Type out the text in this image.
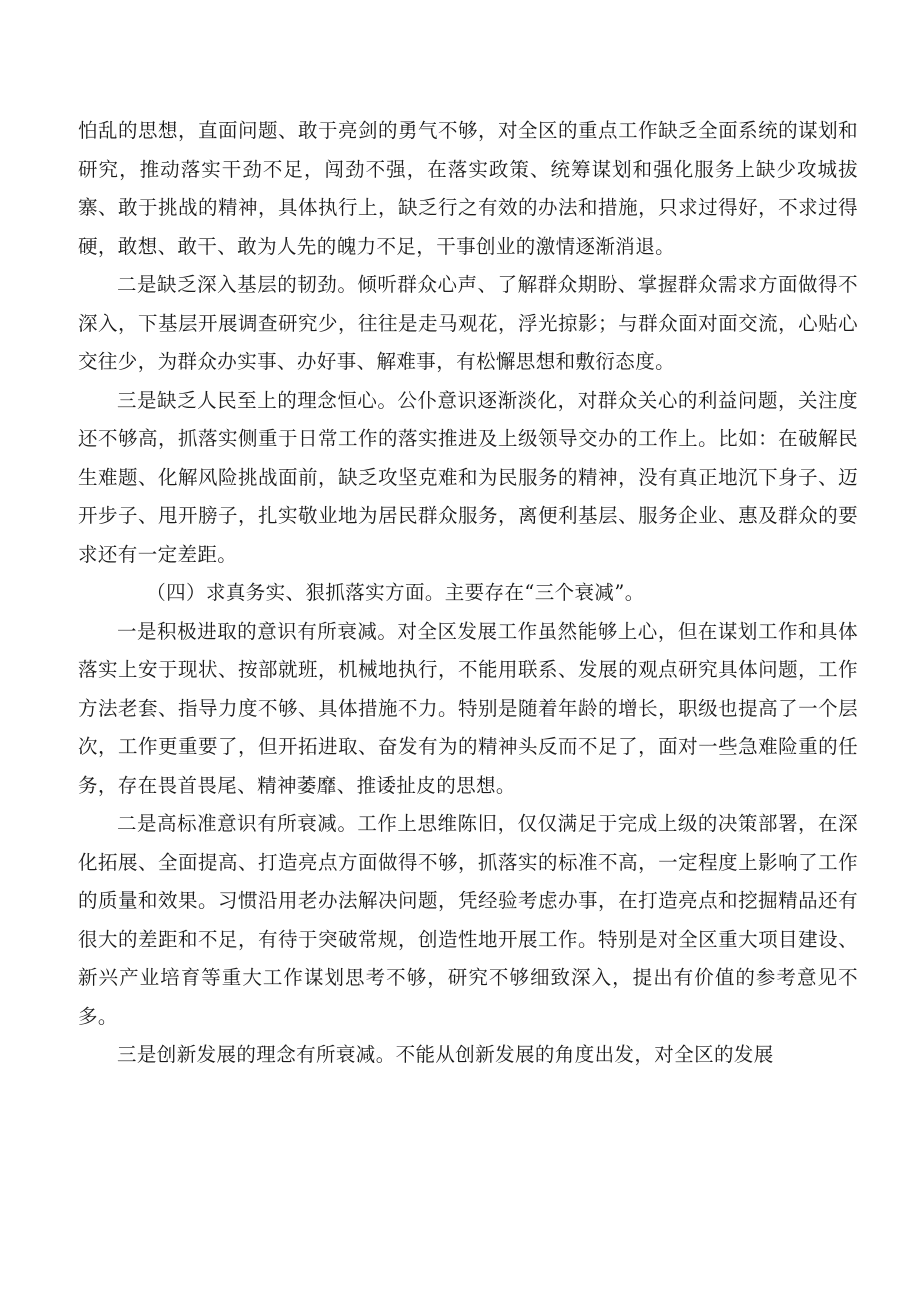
怕乱的思想，直面问题、敢于亮剑的勇气不够，对全区的重点工作缺乏全面系统的谋划和研究，推动落实干劲不足，闯劲不强，在落实政策、统筹谋划和强化服务上缺少攻城拔寨、敢于挑战的精神，具体执行上，缺乏行之有效的办法和措施，只求过得好，不求过得硬，敢想、敢干、敢为人先的魄力不足，干事创业的激情逐渐消退。

二是缺乏深入基层的韧劲。倾听群众心声、了解群众期盼、掌握群众需求方面做得不深入，下基层开展调查研究少，往往是走马观花，浮光掠影；与群众面对面交流，心贴心交往少，为群众办实事、办好事、解难事，有松懈思想和敷衍态度。

三是缺乏人民至上的理念恒心。公仆意识逐渐淡化，对群众关心的利益问题，关注度还不够高，抓落实侧重于日常工作的落实推进及上级领导交办的工作上。比如：在破解民生难题、化解风险挑战面前，缺乏攻坚克难和为民服务的精神，没有真正地沉下身子、迈开步子、甩开膀子，扎实敬业地为居民群众服务，离便利基层、服务企业、惠及群众的要求还有一定差距。

（四）求真务实、狠抓落实方面。主要存在“三个衰减”。

一是积极进取的意识有所衰减。对全区发展工作虽然能够上心，但在谋划工作和具体落实上安于现状、按部就班，机械地执行，不能用联系、发展的观点研究具体问题，工作方法老套、指导力度不够、具体措施不力。特别是随着年龄的增长，职级也提高了一个层次，工作更重要了，但开拓进取、奋发有为的精神头反而不足了，面对一些急难险重的任务，存在畏首畏尾、精神萎靡、推诿扯皮的思想。

二是高标准意识有所衰减。工作上思维陈旧，仅仅满足于完成上级的决策部署，在深化拓展、全面提高、打造亮点方面做得不够，抓落实的标准不高，一定程度上影响了工作的质量和效果。习惯沿用老办法解决问题，凭经验考虑办事，在打造亮点和挖掘精品还有很大的差距和不足，有待于突破常规，创造性地开展工作。特别是对全区重大项目建设、新兴产业培育等重大工作谋划思考不够，研究不够细致深入，提出有价值的参考意见不多。

三是创新发展的理念有所衰减。不能从创新发展的角度出发，对全区的发展
